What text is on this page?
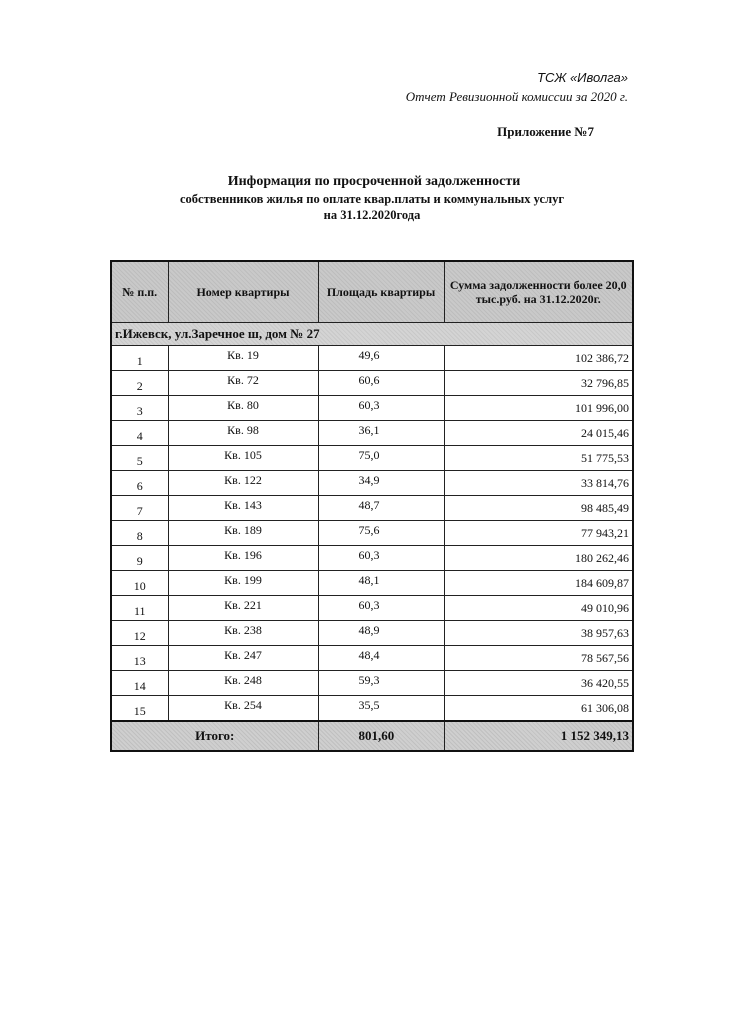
ТСЖ «Иволга»
Отчет Ревизионной комиссии за 2020 г.
Приложение №7
Информация по просроченной задолженности
собственников жилья по оплате квар.платы и коммунальных услуг
на 31.12.2020года
№ п.п.	Номер квартиры	Площадь квартиры	Сумма задолженности более 20,0 тыс.руб. на 31.12.2020г.
г.Ижевск, ул.Заречное ш, дом № 27			
1	Кв. 19	49,6	102 386,72
2	Кв. 72	60,6	32 796,85
3	Кв. 80	60,3	101 996,00
4	Кв. 98	36,1	24 015,46
5	Кв. 105	75,0	51 775,53
6	Кв. 122	34,9	33 814,76
7	Кв. 143	48,7	98 485,49
8	Кв. 189	75,6	77 943,21
9	Кв. 196	60,3	180 262,46
10	Кв. 199	48,1	184 609,87
11	Кв. 221	60,3	49 010,96
12	Кв. 238	48,9	38 957,63
13	Кв. 247	48,4	78 567,56
14	Кв. 248	59,3	36 420,55
15	Кв. 254	35,5	61 306,08
Итого:		801,60	1 152 349,13
